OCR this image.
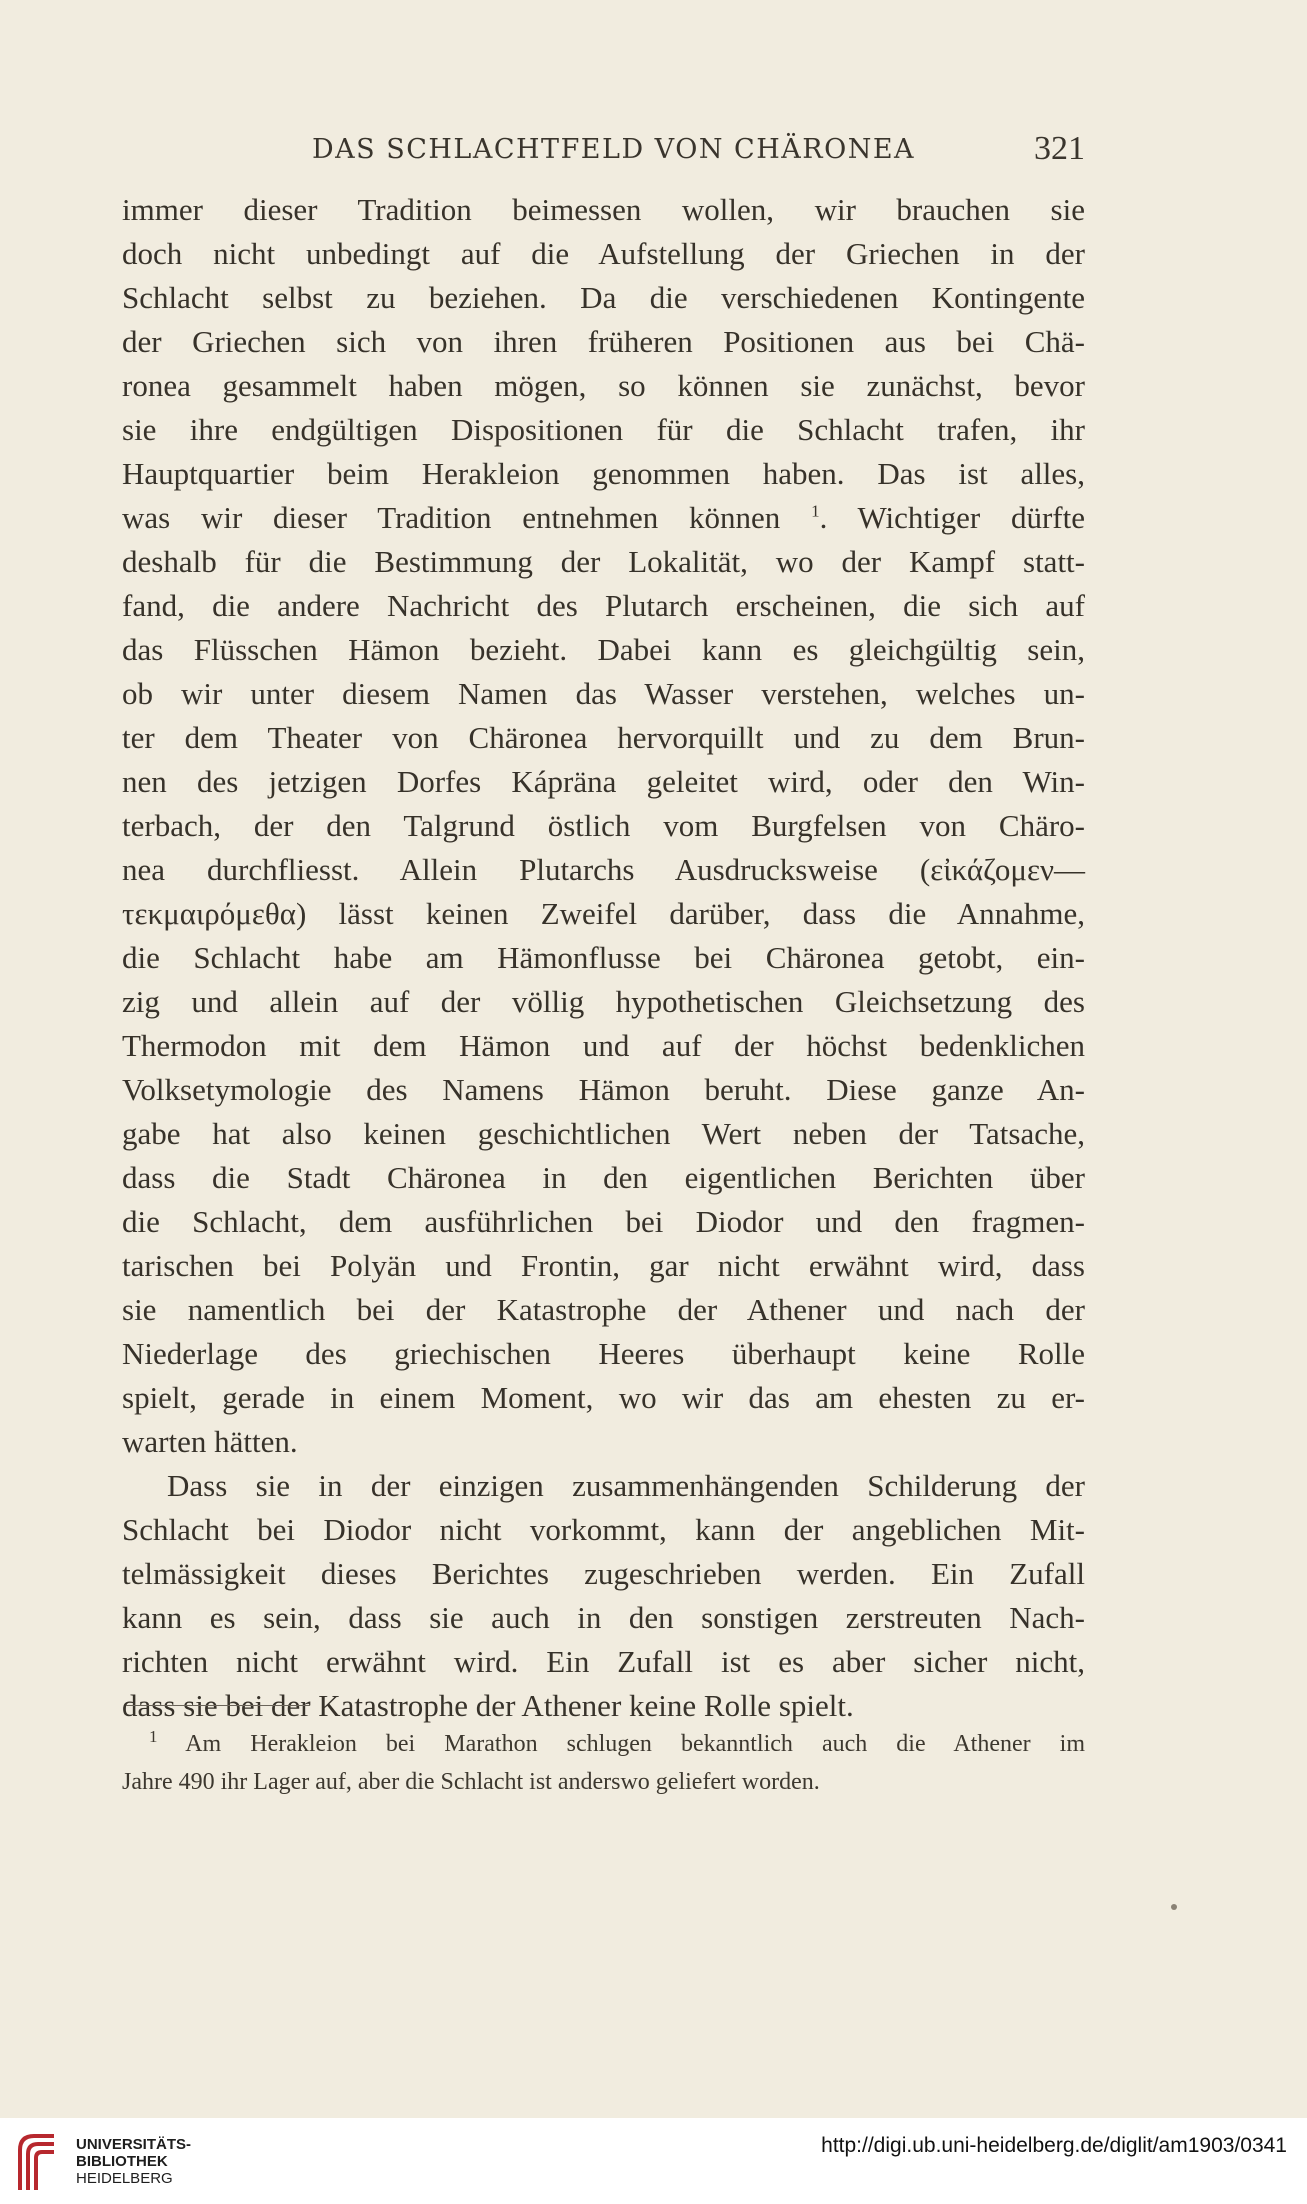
DAS SCHLACHTFELD VON CHÄRONEA	321
immer dieser Tradition beimessen wollen, wir brauchen sie
doch nicht unbedingt auf die Aufstellung der Griechen in der
Schlacht selbst zu beziehen. Da die verschiedenen Kontingente
der Griechen sich von ihren früheren Positionen aus bei Chä-
ronea gesammelt haben mögen, so können sie zunächst, bevor
sie ihre endgültigen Dispositionen für die Schlacht trafen, ihr
Hauptquartier beim Herakleion genommen haben. Das ist alles,
was wir dieser Tradition entnehmen können $^1$. Wichtiger dürfte
deshalb für die Bestimmung der Lokalität, wo der Kampf statt-
fand, die andere Nachricht des Plutarch erscheinen, die sich auf
das Flüsschen Hämon bezieht. Dabei kann es gleichgültig sein,
ob wir unter diesem Namen das Wasser verstehen, welches un-
ter dem Theater von Chäronea hervorquillt und zu dem Brun-
nen des jetzigen Dorfes Kápräna geleitet wird, oder den Win-
terbach, der den Talgrund östlich vom Burgfelsen von Chäro-
nea durchfliesst. Allein Plutarchs Ausdrucksweise (εἰκάζομεν—
τεκμαιρόμεθα) lässt keinen Zweifel darüber, dass die Annahme,
die Schlacht habe am Hämonflusse bei Chäronea getobt, ein-
zig und allein auf der völlig hypothetischen Gleichsetzung des
Thermodon mit dem Hämon und auf der höchst bedenklichen
Volksetymologie des Namens Hämon beruht. Diese ganze An-
gabe hat also keinen geschichtlichen Wert neben der Tatsache,
dass die Stadt Chäronea in den eigentlichen Berichten über
die Schlacht, dem ausführlichen bei Diodor und den fragmen-
tarischen bei Polyän und Frontin, gar nicht erwähnt wird, dass
sie namentlich bei der Katastrophe der Athener und nach der
Niederlage des griechischen Heeres überhaupt keine Rolle
spielt, gerade in einem Moment, wo wir das am ehesten zu er-
warten hätten.
Dass sie in der einzigen zusammenhängenden Schilderung der
Schlacht bei Diodor nicht vorkommt, kann der angeblichen Mit-
telmässigkeit dieses Berichtes zugeschrieben werden. Ein Zufall
kann es sein, dass sie auch in den sonstigen zerstreuten Nach-
richten nicht erwähnt wird. Ein Zufall ist es aber sicher nicht,
dass sie bei der Katastrophe der Athener keine Rolle spielt.
$^1$ Am Herakleion bei Marathon schlugen bekanntlich auch die Athener im
Jahre 490 ihr Lager auf, aber die Schlacht ist anderswo geliefert worden.
UNIVERSITÄTS-
BIBLIOTHEK
HEIDELBERG
http://digi.ub.uni-heidelberg.de/diglit/am1903/0341
